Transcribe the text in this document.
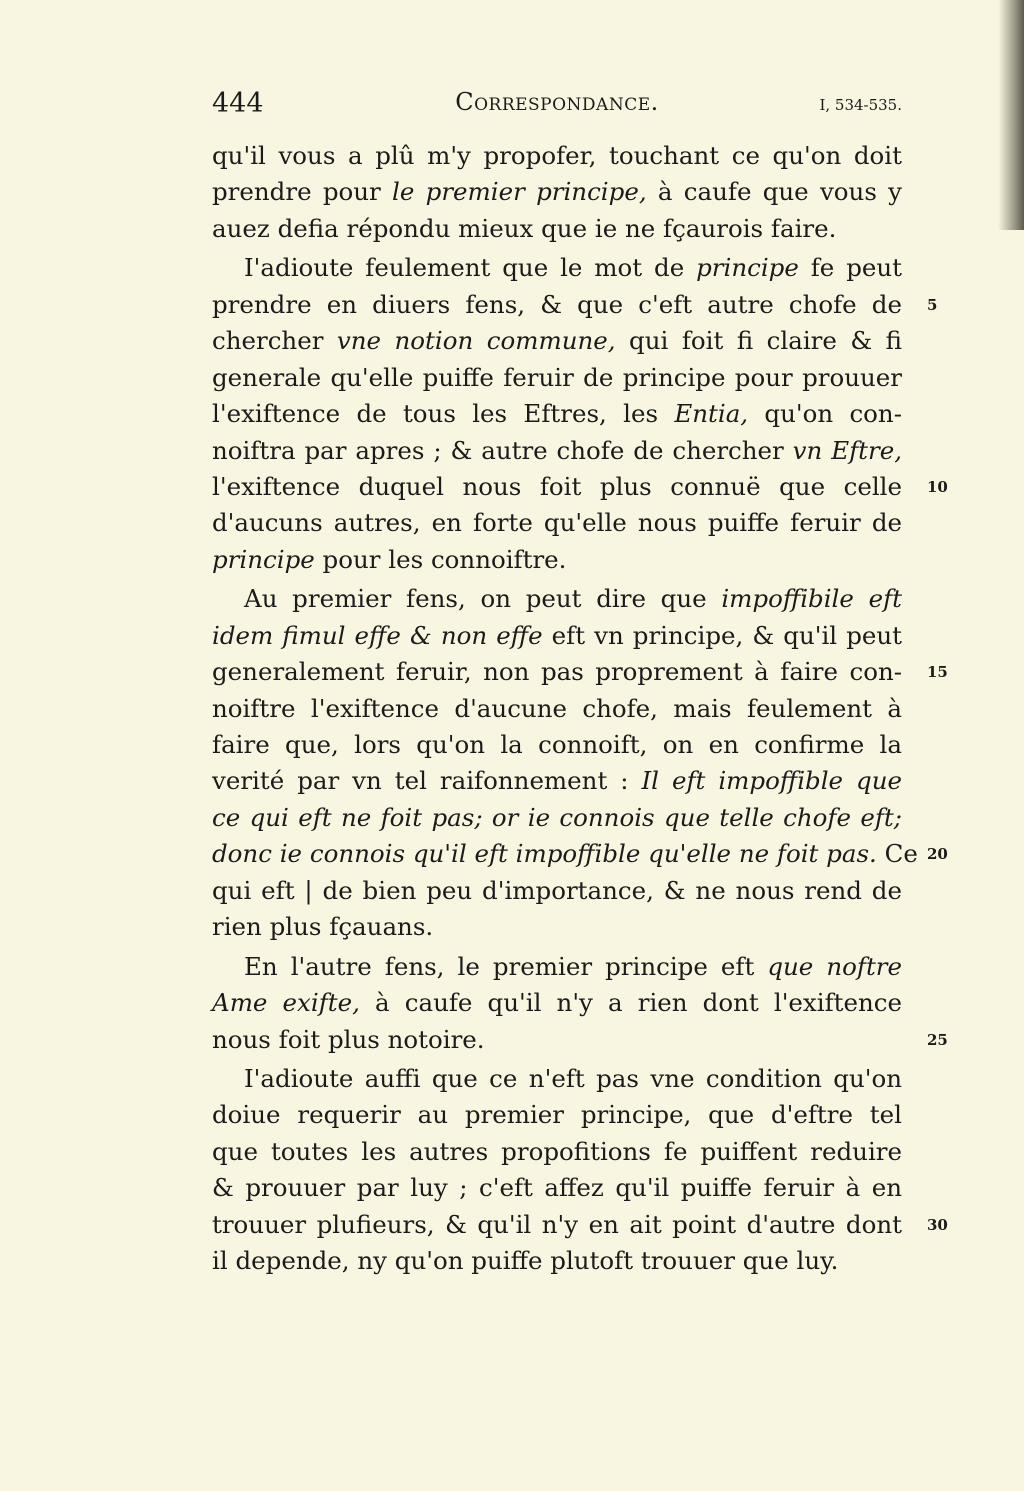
444	Correspondance.	I, 534-535.
qu'il vous a plû m'y propofer, touchant ce qu'on doit
prendre pour le premier principe, à caufe que vous y
auez defia répondu mieux que ie ne fçaurois faire.
I'adioute feulement que le mot de principe fe peut
prendre en diuers fens, & que c'eft autre chofe de 5
chercher vne notion commune, qui foit fi claire & fi
generale qu'elle puiffe feruir de principe pour prouuer
l'exiftence de tous les Eftres, les Entia, qu'on con-
noiftra par apres ; & autre chofe de chercher vn Eftre,
l'exiftence duquel nous foit plus connuë que celle 10
d'aucuns autres, en forte qu'elle nous puiffe feruir de
principe pour les connoiftre.
Au premier fens, on peut dire que impoffibile eft
idem fimul effe & non effe eft vn principe, & qu'il peut
generalement feruir, non pas proprement à faire con- 15
noiftre l'exiftence d'aucune chofe, mais feulement à
faire que, lors qu'on la connoift, on en confirme la
verité par vn tel raifonnement : Il eft impoffible que
ce qui eft ne foit pas; or ie connois que telle chofe eft;
donc ie connois qu'il eft impoffible qu'elle ne foit pas. Ce 20
qui eft | de bien peu d'importance, & ne nous rend de
rien plus fçauans.
En l'autre fens, le premier principe eft que noftre
Ame exifte, à caufe qu'il n'y a rien dont l'exiftence
nous foit plus notoire.	25
I'adioute auffi que ce n'eft pas vne condition qu'on
doiue requerir au premier principe, que d'eftre tel
que toutes les autres propofitions fe puiffent reduire
& prouuer par luy ; c'eft affez qu'il puiffe feruir à en
trouuer plufieurs, & qu'il n'y en ait point d'autre dont 30
il depende, ny qu'on puiffe plutoft trouuer que luy.
